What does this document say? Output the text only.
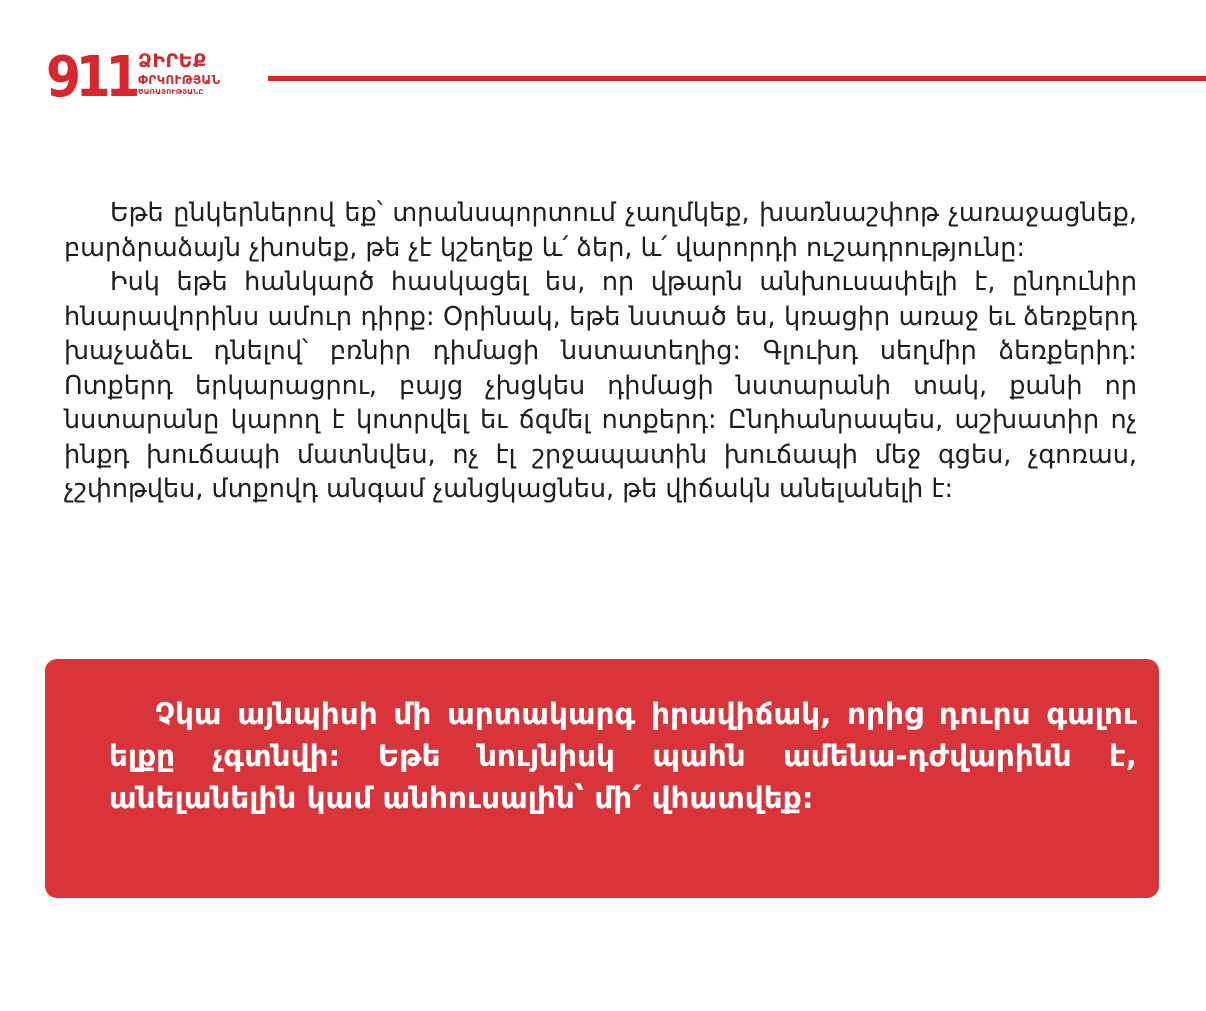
911 ՁԻՐԵՔ
ՓՐԿՈՒԹՅԱՆ
ԾԱՌԱՅՈՒԹՅԱՆԸ

Եթե ընկերներով եք՝ տրանսպորտում չաղմկեք, խառնաշփոթ չառաջացնեք, բարձրաձայն չխոսեք, թե չէ կշեղեք և՛ ձեր, և՛ վարորդի ուշադրությունը:

Իսկ եթե հանկարծ հասկացել ես, որ վթարն անխուսափելի է, ընդունիր հնարավորինս ամուր դիրք: Օրինակ, եթե նստած ես, կռացիր առաջ եւ ձեռքերդ խաչաձեւ դնելով՝ բռնիր դիմացի նստատեղից: Գլուխդ սեղմիր ձեռքերիդ: Ոտքերդ երկարացրու, բայց չխցկես դիմացի նստարանի տակ, քանի որ նստարանը կարող է կոտրվել եւ ճզմել ոտքերդ: Ընդհանրապես, աշխատիր ոչ ինքդ խուճապի մատնվես, ոչ էլ շրջապատին խուճապի մեջ գցես, չգոռաս, չշփոթվես, մտքովդ անգամ չանցկացնես, թե վիճակն անելանելի է:

Չկա այնպիսի մի արտակարգ իրավիճակ, որից դուրս գալու ելքը չգտնվի: Եթե նույնիսկ պահն ամենա-դժվարինն է, անելանելին կամ անհուսալին՝ մի՛ վհատվեք:
